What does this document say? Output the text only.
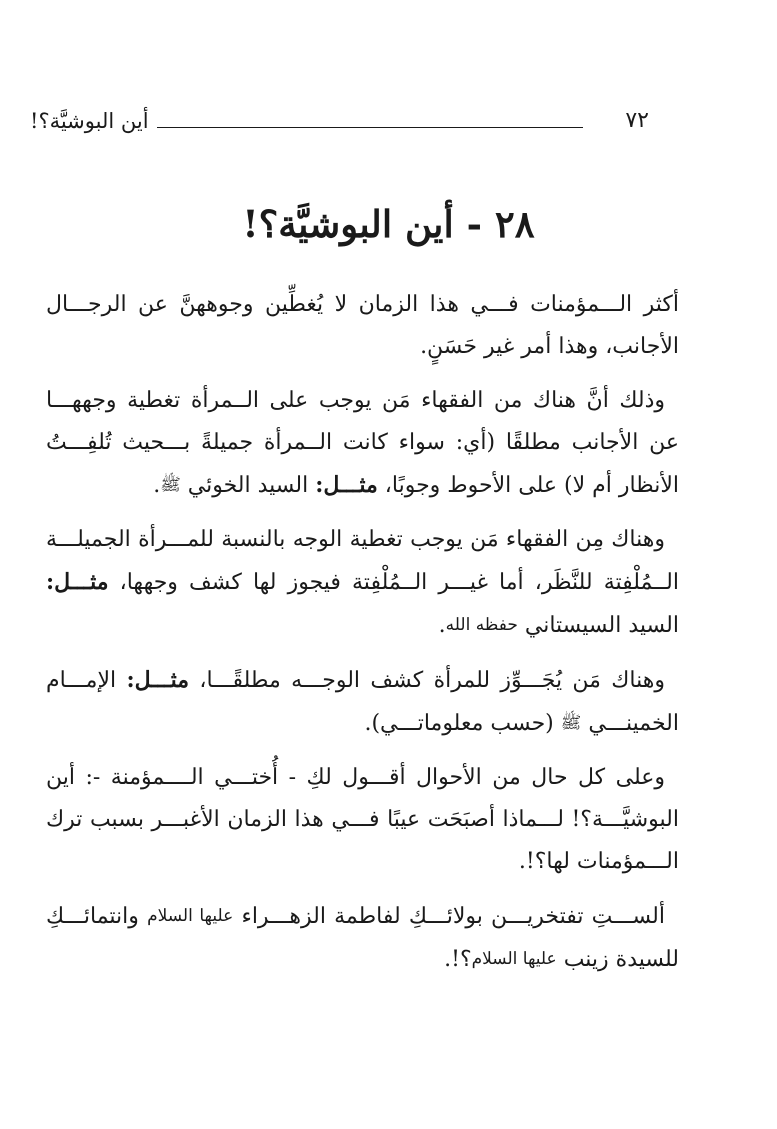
٧٢
أين البوشيَّة؟!
٢٨ - أين البوشيَّة؟!

أكثر الـــمؤمنات فـــي هذا الزمان لا يُغطِّين وجوههنَّ عن الرجـــال الأجانب، وهذا أمر غير حَسَنٍ.

وذلك أنَّ هناك من الفقهاء مَن يوجب على الــمرأة تغطية وجههـــا عن الأجانب مطلقًا (أي: سواء كانت الــمرأة جميلةً بـــحيث تُلفِـــتُ الأنظار أم لا) على الأحوط وجوبًا، مثـــل: السيد الخوئي ﷺ.

وهناك مِن الفقهاء مَن يوجب تغطية الوجه بالنسبة للمـــرأة الجميلـــة الــمُلْفِتة للنَّظَر، أما غيـــر الــمُلْفِتة فيجوز لها كشف وجهها، مثـــل: السيد السيستاني حفظه الله.

وهناك مَن يُجَـــوِّز للمرأة كشف الوجـــه مطلقًـــا، مثـــل: الإمـــام الخمينـــي ﷺ (حسب معلوماتـــي).

وعلى كل حال من الأحوال أقـــول لكِ - أُختـــي الــــمؤمنة -: أين البوشيَّـــة؟! لـــماذا أصبَحَت عيبًا فـــي هذا الزمان الأغبـــر بسبب ترك الـــمؤمنات لها؟!.

ألســـتِ تفتخريـــن بولائـــكِ لفاطمة الزهـــراء عليها السلام وانتمائـــكِ للسيدة زينب عليها السلام؟!.
